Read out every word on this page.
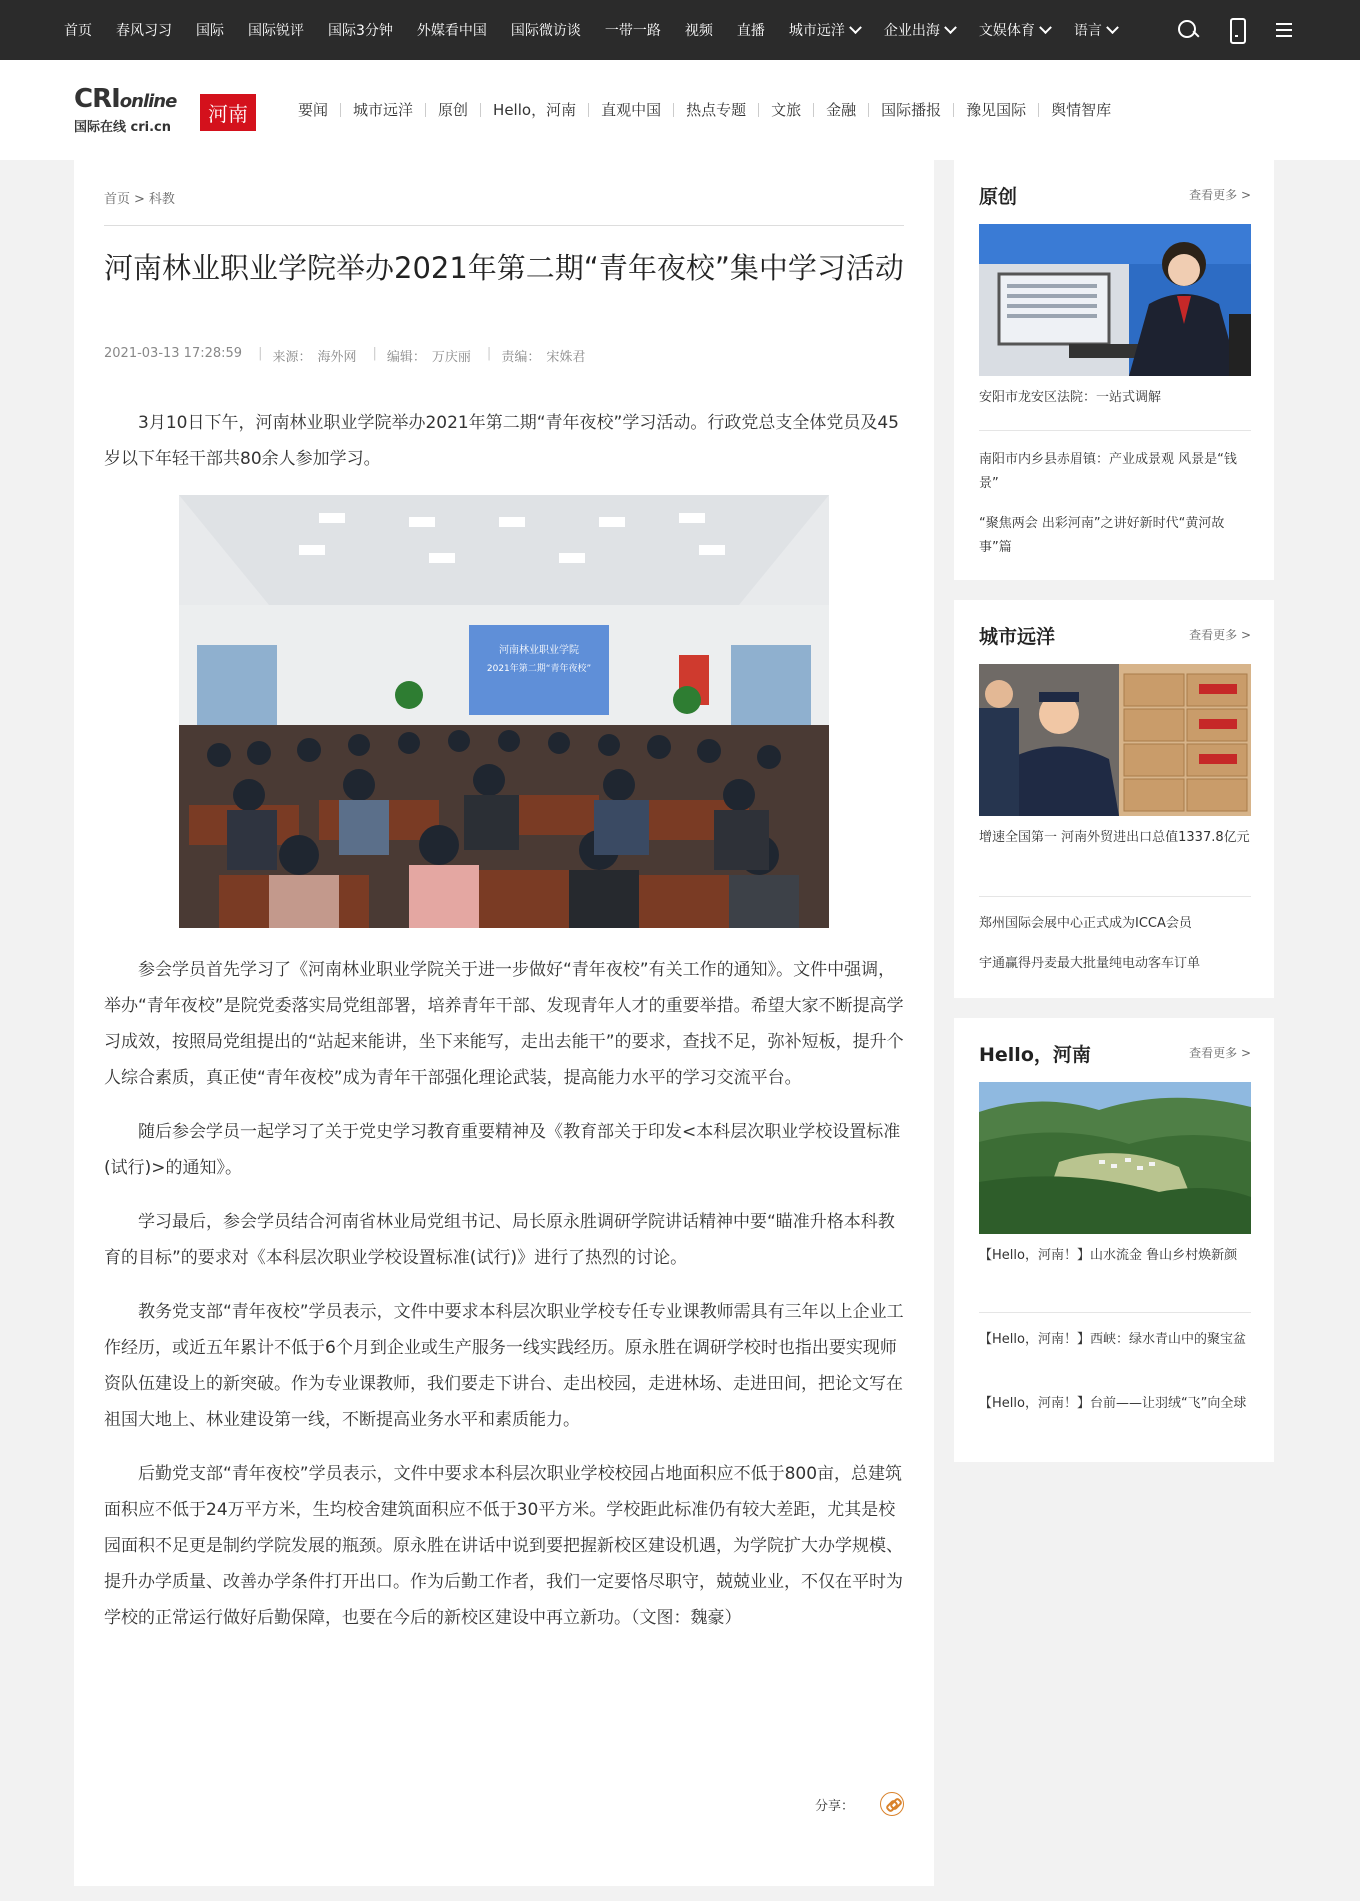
首页 春风习习 国际 国际锐评 国际3分钟 外媒看中国 国际微访谈 一带一路 视频 直播 城市远洋	企业出海	文娱体育	语言
CRIonline
国际在线 cri.cn
河南	要闻	城市远洋	原创	Hello，河南	直观中国	热点专题	文旅	金融	国际播报	豫见国际	舆情智库
首页 > 科教
河南林业职业学院举办2021年第二期“青年夜校”集中学习活动
2021-03-13 17:28:59 | 来源： 海外网 | 编辑： 万庆丽 | 责编： 宋姝君

3月10日下午，河南林业职业学院举办2021年第二期“青年夜校”学习活动。行政党总支全体党员及45岁以下年轻干部共80余人参加学习。

河南林业职业学院
2021年第二期“青年夜校”

参会学员首先学习了《河南林业职业学院关于进一步做好“青年夜校”有关工作的通知》。文件中强调，举办“青年夜校”是院党委落实局党组部署，培养青年干部、发现青年人才的重要举措。希望大家不断提高学习成效，按照局党组提出的“站起来能讲，坐下来能写，走出去能干”的要求，查找不足，弥补短板，提升个人综合素质，真正使“青年夜校”成为青年干部强化理论武装，提高能力水平的学习交流平台。

随后参会学员一起学习了关于党史学习教育重要精神及《教育部关于印发<本科层次职业学校设置标准(试行)>的通知》。

学习最后，参会学员结合河南省林业局党组书记、局长原永胜调研学院讲话精神中要“瞄准升格本科教育的目标”的要求对《本科层次职业学校设置标准(试行)》进行了热烈的讨论。

教务党支部“青年夜校”学员表示，文件中要求本科层次职业学校专任专业课教师需具有三年以上企业工作经历，或近五年累计不低于6个月到企业或生产服务一线实践经历。原永胜在调研学校时也指出要实现师资队伍建设上的新突破。作为专业课教师，我们要走下讲台、走出校园，走进林场、走进田间，把论文写在祖国大地上、林业建设第一线，不断提高业务水平和素质能力。

后勤党支部“青年夜校”学员表示，文件中要求本科层次职业学校校园占地面积应不低于800亩，总建筑面积应不低于24万平方米，生均校舍建筑面积应不低于30平方米。学校距此标准仍有较大差距，尤其是校园面积不足更是制约学院发展的瓶颈。原永胜在讲话中说到要把握新校区建设机遇，为学院扩大办学规模、提升办学质量、改善办学条件打开出口。作为后勤工作者，我们一定要恪尽职守，兢兢业业，不仅在平时为学校的正常运行做好后勤保障，也要在今后的新校区建设中再立新功。（文图：魏豪）

分享：
原创	查看更多 >
安阳市龙安区法院：一站式调解
南阳市内乡县赤眉镇：产业成景观 风景是“钱景”
“聚焦两会 出彩河南”之讲好新时代“黄河故事”篇
城市远洋	查看更多 >
增速全国第一 河南外贸进出口总值1337.8亿元
郑州国际会展中心正式成为ICCA会员
宇通赢得丹麦最大批量纯电动客车订单
Hello，河南	查看更多 >
【Hello，河南！】山水流金 鲁山乡村焕新颜
【Hello，河南！】西峡：绿水青山中的聚宝盆
【Hello，河南！】台前——让羽绒“飞”向全球
